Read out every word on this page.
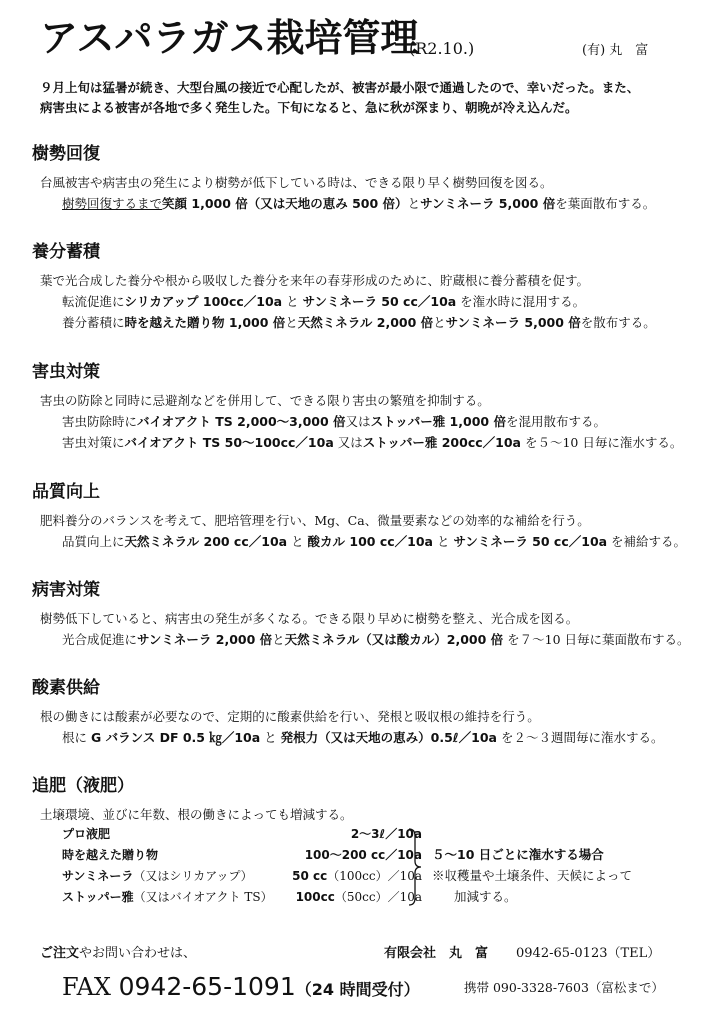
アスパラガス栽培管理
(R2.10.)	(有) 丸　富

９月上旬は猛暑が続き、大型台風の接近で心配したが、被害が最小限で通過したので、幸いだった。また、

病害虫による被害が各地で多く発生した。下旬になると、急に秋が深まり、朝晩が冷え込んだ。

樹勢回復

台風被害や病害虫の発生により樹勢が低下している時は、できる限り早く樹勢回復を図る。

樹勢回復するまで笑顔 1,000 倍（又は天地の恵み 500 倍）とサンミネーラ 5,000 倍を葉面散布する。

養分蓄積

葉で光合成した養分や根から吸収した養分を来年の春芽形成のために、貯蔵根に養分蓄積を促す。

転流促進にシリカアップ 100cc／10a と サンミネーラ 50 cc／10a を潅水時に混用する。

養分蓄積に時を越えた贈り物 1,000 倍と天然ミネラル 2,000 倍とサンミネーラ 5,000 倍を散布する。

害虫対策

害虫の防除と同時に忌避剤などを併用して、できる限り害虫の繁殖を抑制する。

害虫防除時にバイオアクト TS 2,000～3,000 倍又はストッパー雅 1,000 倍を混用散布する。

害虫対策にバイオアクト TS 50～100cc／10a 又はストッパー雅 200cc／10a を５～10 日毎に潅水する。

品質向上

肥料養分のバランスを考えて、肥培管理を行い、Mg、Ca、微量要素などの効率的な補給を行う。

品質向上に天然ミネラル 200 cc／10a と 酸カル 100 cc／10a と サンミネーラ 50 cc／10a を補給する。

病害対策

樹勢低下していると、病害虫の発生が多くなる。できる限り早めに樹勢を整え、光合成を図る。

光合成促進にサンミネーラ 2,000 倍と天然ミネラル（又は酸カル）2,000 倍 を７～10 日毎に葉面散布する。

酸素供給

根の働きには酸素が必要なので、定期的に酸素供給を行い、発根と吸収根の維持を行う。

根に G バランス DF 0.5 ㎏／10a と 発根力（又は天地の恵み）0.5ℓ／10a を２～３週間毎に潅水する。

追肥（液肥）

土壌環境、並びに年数、根の働きによっても増減する。

プロ液肥	2～3ℓ／10a
時を越えた贈り物	100～200 cc／10a
サンミネーラ（又はシリカアップ）	50 cc（100cc）／10a
ストッパー雅（又はバイオアクト TS） 100cc（50cc）／10a
５～10 日ごとに潅水する場合
※収穫量や土壌条件、天候によって
加減する。
ご注文やお問い合わせは、	有限会社　丸　富 0942‐65‐0123（TEL）
FAX 0942-65-1091（24 時間受付）	携帯 090-3328-7603（富松まで）
